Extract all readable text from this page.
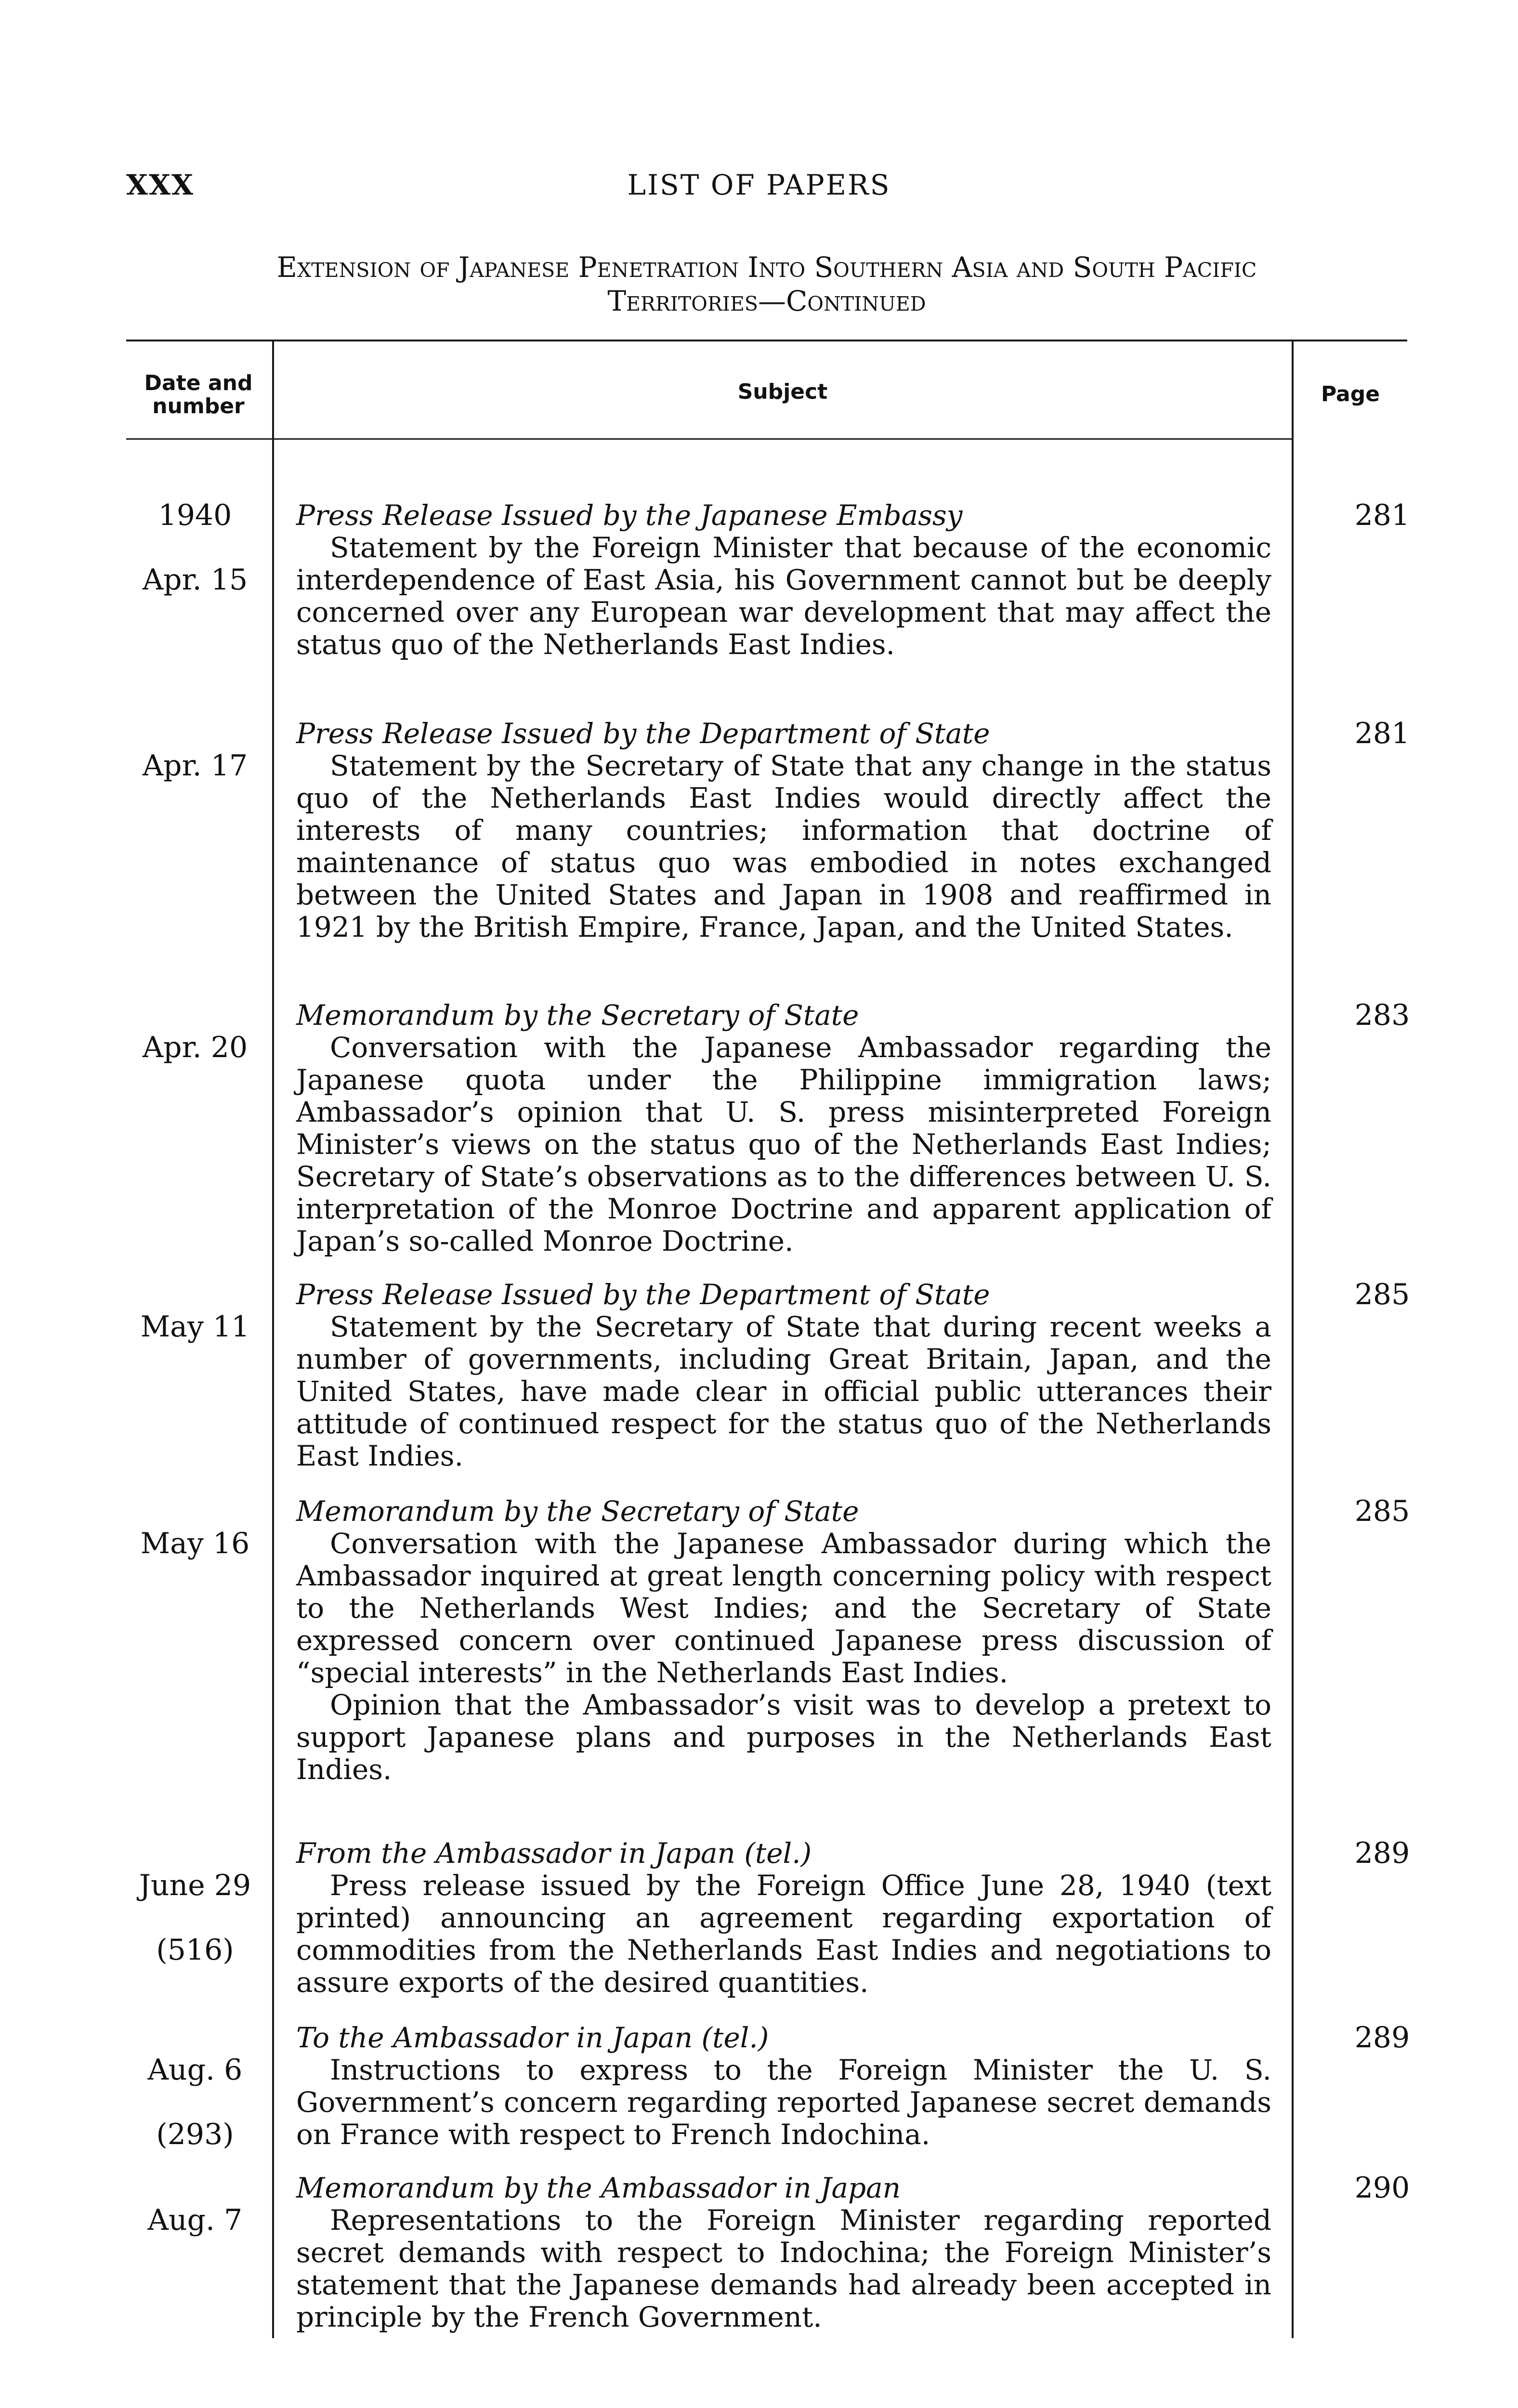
XXX	LIST OF PAPERS
Extension of Japanese Penetration Into Southern Asia and South Pacific
Territories—Continued
Date and
number
Subject	Page

1940

Apr. 15

Press Release Issued by the Japanese Embassy
Statement by the Foreign Minister that because of the economic interdependence of East Asia, his Government cannot but be deeply concerned over any European war development that may affect the status quo of the Netherlands East Indies.
281

Apr. 17

Press Release Issued by the Department of State
Statement by the Secretary of State that any change in the status quo of the Netherlands East Indies would directly affect the interests of many countries; information that doctrine of maintenance of status quo was embodied in notes exchanged between the United States and Japan in 1908 and reaffirmed in 1921 by the British Empire, France, Japan, and the United States.
281

Apr. 20

Memorandum by the Secretary of State
Conversation with the Japanese Ambassador regarding the Japanese quota under the Philippine immigration laws; Ambassador’s opinion that U. S. press misinterpreted Foreign Minister’s views on the status quo of the Netherlands East Indies; Secretary of State’s observations as to the differences between U. S. interpretation of the Monroe Doctrine and apparent application of Japan’s so-called Monroe Doctrine.
283

May 11

Press Release Issued by the Department of State
Statement by the Secretary of State that during recent weeks a number of governments, including Great Britain, Japan, and the United States, have made clear in official public utterances their attitude of continued respect for the status quo of the Netherlands East Indies.
285

May 16

Memorandum by the Secretary of State
Conversation with the Japanese Ambassador during which the Ambassador inquired at great length concerning policy with respect to the Netherlands West Indies; and the Secretary of State expressed concern over continued Japanese press discussion of “special interests” in the Netherlands East Indies.
Opinion that the Ambassador’s visit was to develop a pretext to support Japanese plans and purposes in the Netherlands East Indies.
285

June 29

(516)

From the Ambassador in Japan (tel.)
Press release issued by the Foreign Office June 28, 1940 (text printed) announcing an agreement regarding exportation of commodities from the Netherlands East Indies and negotiations to assure exports of the desired quantities.
289

Aug. 6

(293)

To the Ambassador in Japan (tel.)
Instructions to express to the Foreign Minister the U. S. Government’s concern regarding reported Japanese secret demands on France with respect to French Indochina.
289

Aug. 7

Memorandum by the Ambassador in Japan
Representations to the Foreign Minister regarding reported secret demands with respect to Indochina; the Foreign Minister’s statement that the Japanese demands had already been accepted in principle by the French Government.
290
